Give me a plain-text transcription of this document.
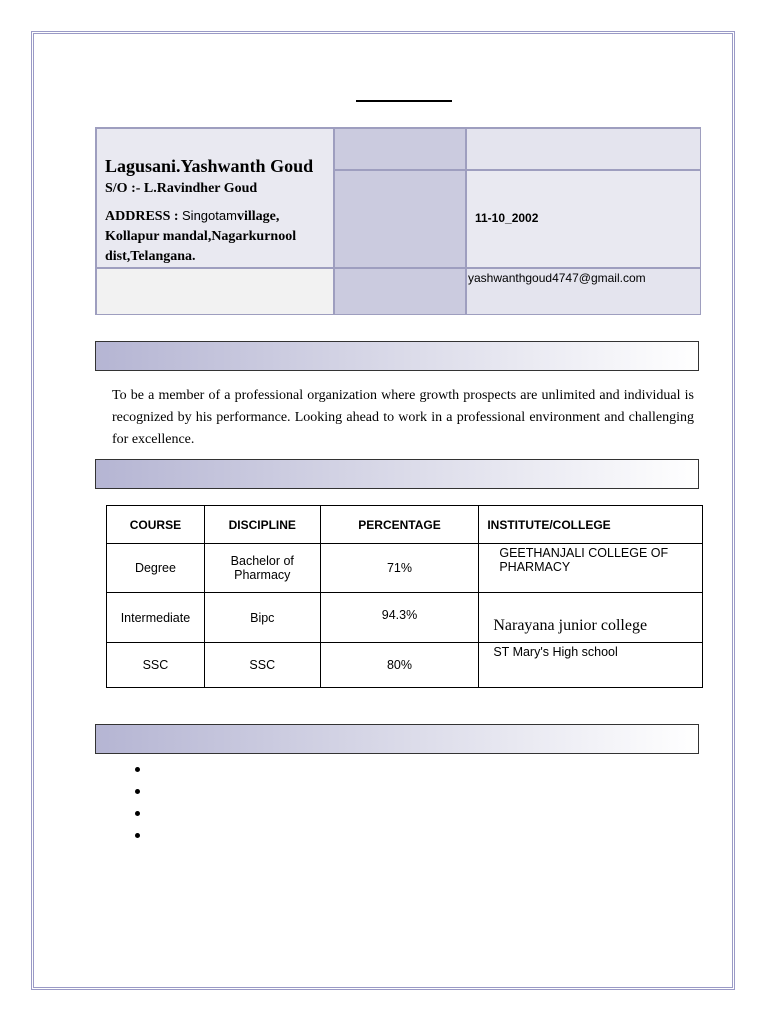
Lagusani.Yashwanth Goud
S/O :- L.Ravindher Goud
ADDRESS : Singotamvillage, Kollapur mandal,Nagarkurnool dist,Telangana.
11-10_2002
yashwanthgoud4747@gmail.com
To be a member of a professional organization where growth prospects are unlimited and individual is recognized by his performance. Looking ahead to work in a professional environment and challenging for excellence.
COURSE	DISCIPLINE	PERCENTAGE	INSTITUTE/COLLEGE
Degree	Bachelor of Pharmacy	71%	GEETHANJALI COLLEGE OF PHARMACY
Intermediate	Bipc	94.3%	Narayana junior college
SSC	SSC	80%	ST Mary's High school
